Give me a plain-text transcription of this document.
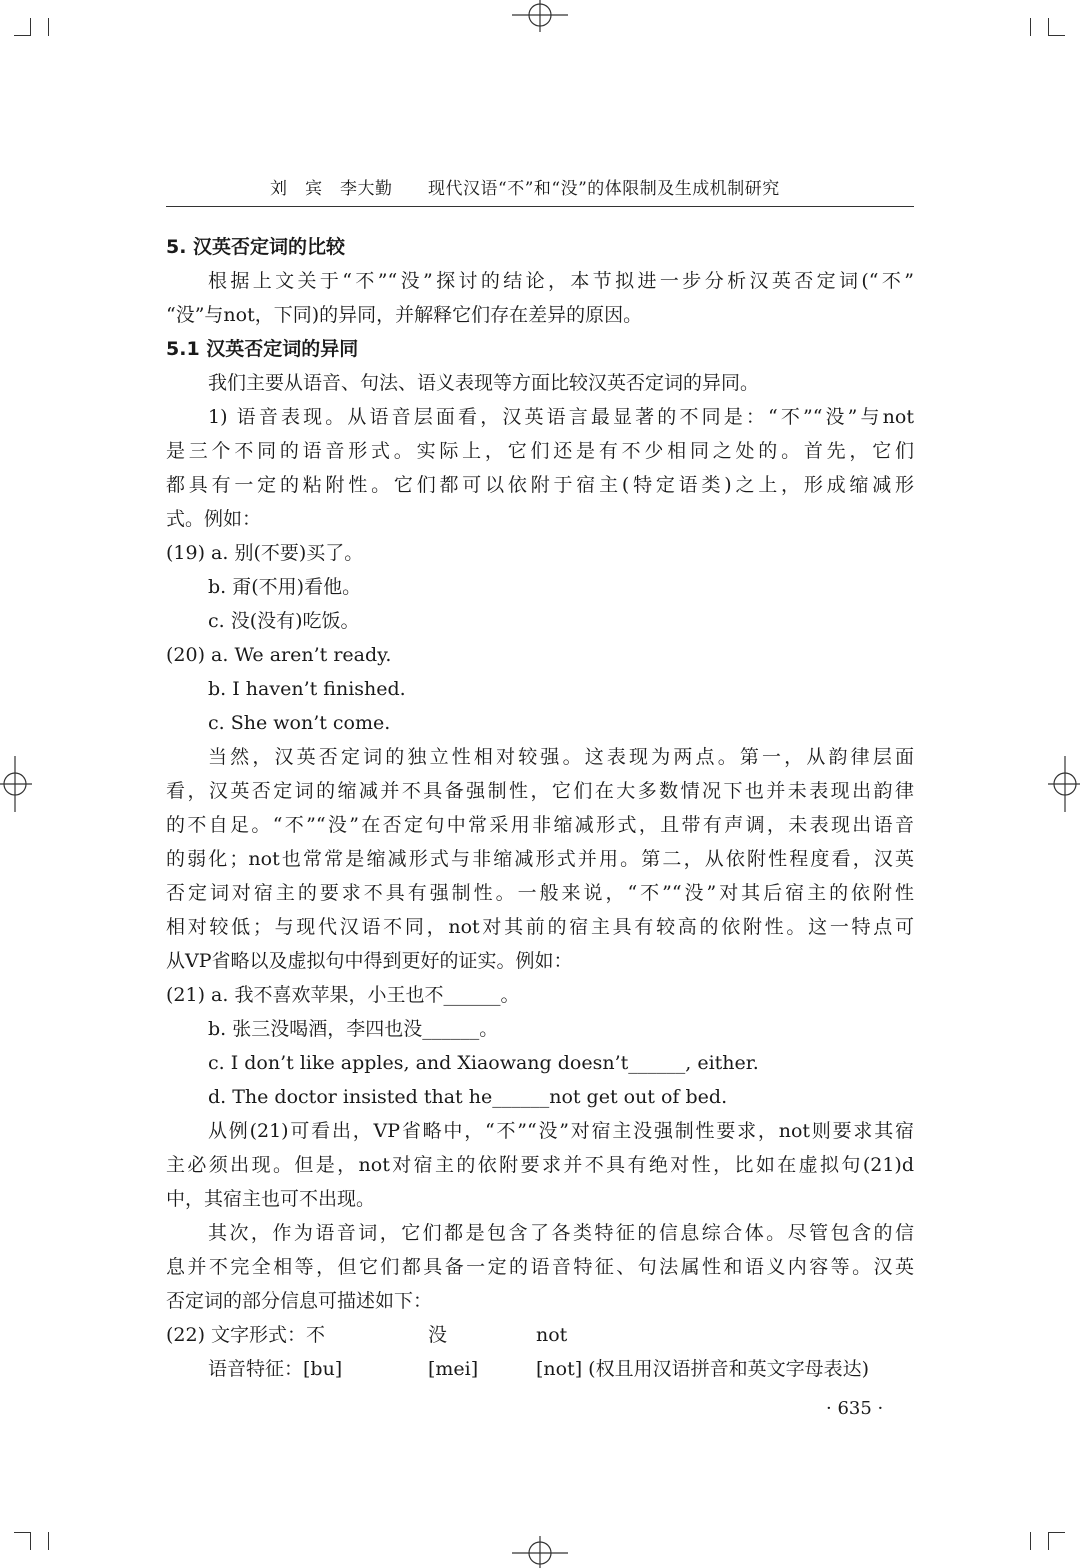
刘　宾　李大勤 现代汉语“不”和“没”的体限制及生成机制研究
5. 汉英否定词的比较
根据上文关于“不”“没”探讨的结论，本节拟进一步分析汉英否定词(“不”
“没”与not，下同)的异同，并解释它们存在差异的原因。
5.1 汉英否定词的异同
我们主要从语音、句法、语义表现等方面比较汉英否定词的异同。
1) 语音表现。从语音层面看，汉英语言最显著的不同是：“不”“没”与not
是三个不同的语音形式。实际上，它们还是有不少相同之处的。首先，它们
都具有一定的粘附性。它们都可以依附于宿主(特定语类)之上，形成缩减形
式。例如：
(19) a. 别(不要)买了。
b. 甭(不用)看他。
c. 没(没有)吃饭。
(20) a. We aren’t ready.
b. I haven’t finished.
c. She won’t come.
当然，汉英否定词的独立性相对较强。这表现为两点。第一，从韵律层面
看，汉英否定词的缩减并不具备强制性，它们在大多数情况下也并未表现出韵律
的不自足。“不”“没”在否定句中常采用非缩减形式，且带有声调，未表现出语音
的弱化；not也常常是缩减形式与非缩减形式并用。第二，从依附性程度看，汉英
否定词对宿主的要求不具有强制性。一般来说，“不”“没”对其后宿主的依附性
相对较低；与现代汉语不同，not对其前的宿主具有较高的依附性。这一特点可
从VP省略以及虚拟句中得到更好的证实。例如：
(21) a. 我不喜欢苹果，小王也不______。
b. 张三没喝酒，李四也没______。
c. I don’t like apples, and Xiaowang doesn’t______, either.
d. The doctor insisted that he______not get out of bed.
从例(21)可看出，VP省略中，“不”“没”对宿主没强制性要求，not则要求其宿
主必须出现。但是，not对宿主的依附要求并不具有绝对性，比如在虚拟句(21)d
中，其宿主也可不出现。
其次，作为语音词，它们都是包含了各类特征的信息综合体。尽管包含的信
息并不完全相等，但它们都具备一定的语音特征、句法属性和语义内容等。汉英
否定词的部分信息可描述如下：
(22) 文字形式：不	没	not
语音特征：[bu]	[mei]	[not] (权且用汉语拼音和英文字母表达)
· 635 ·
